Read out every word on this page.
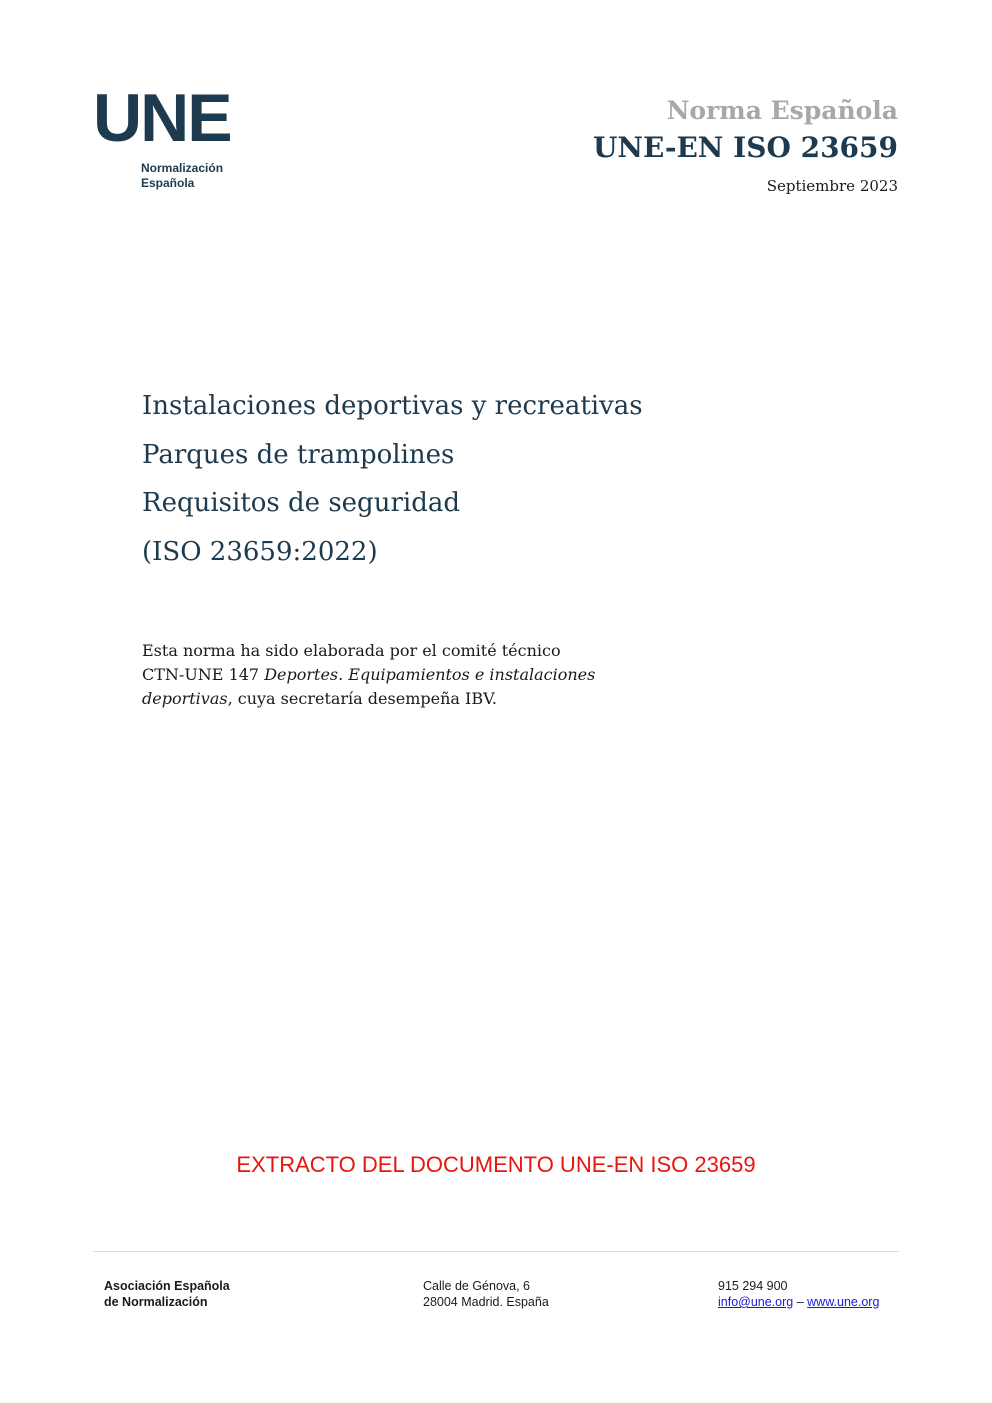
UNE
Normalización
Española
Norma Española
UNE-EN ISO 23659
Septiembre 2023
Instalaciones deportivas y recreativas
Parques de trampolines
Requisitos de seguridad
(ISO 23659:2022)
Esta norma ha sido elaborada por el comité técnico
CTN-UNE 147 Deportes. Equipamientos e instalaciones
deportivas, cuya secretaría desempeña IBV.
EXTRACTO DEL DOCUMENTO UNE-EN ISO 23659
Asociación Española
de Normalización
Calle de Génova, 6
28004 Madrid. España
915 294 900
info@une.org – www.une.org
